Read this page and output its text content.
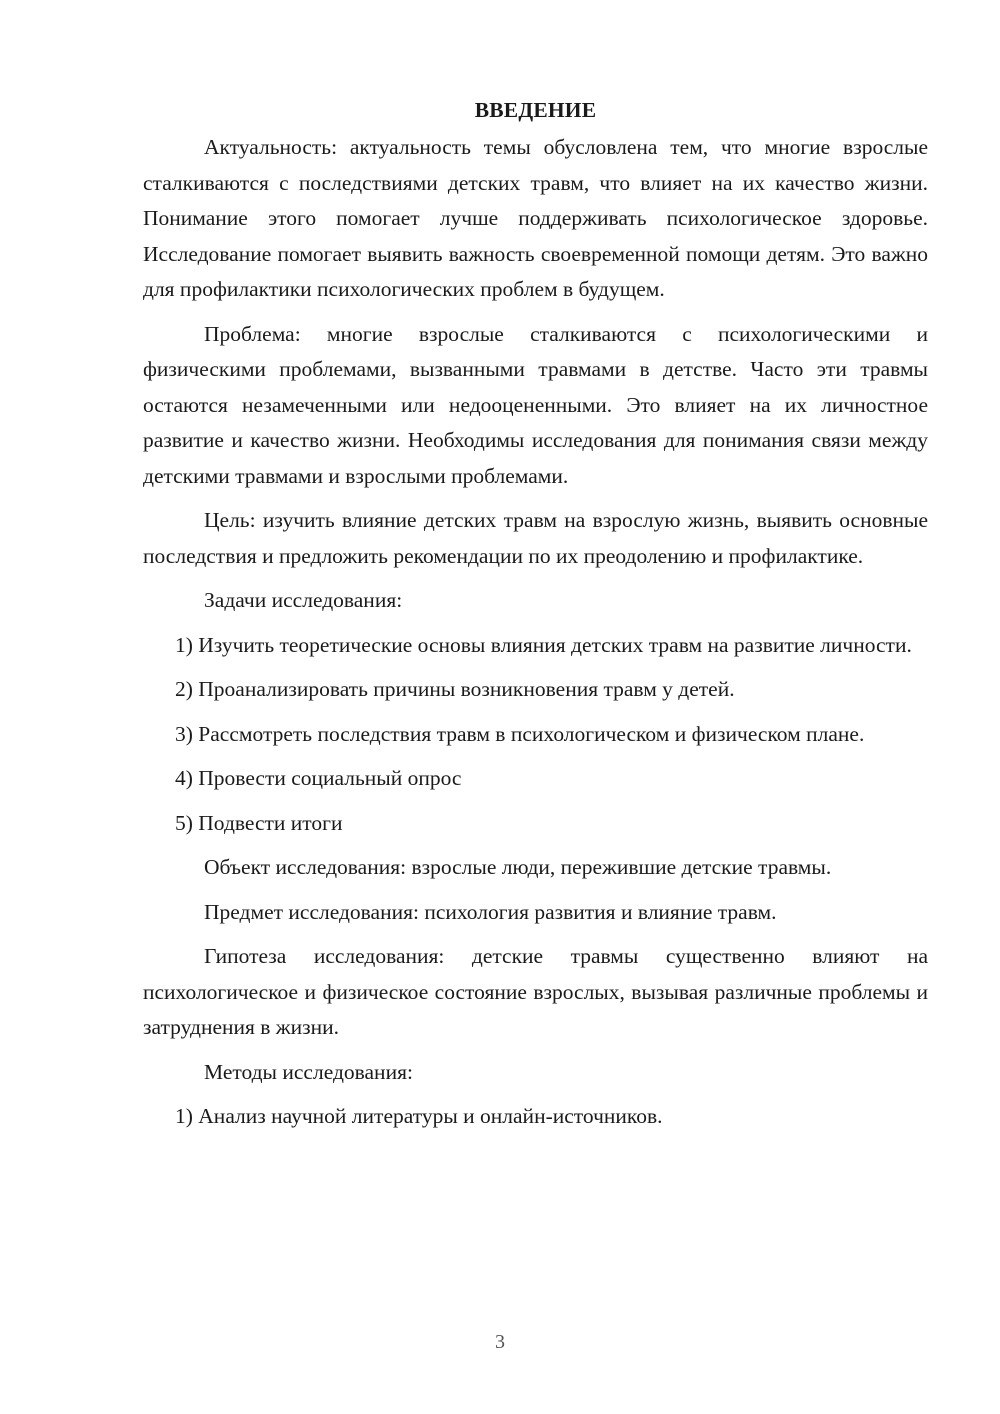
ВВЕДЕНИЕ

Актуальность: актуальность темы обусловлена тем, что многие взрослые сталкиваются с последствиями детских травм, что влияет на их качество жизни. Понимание этого помогает лучше поддерживать психологическое здоровье. Исследование помогает выявить важность своевременной помощи детям. Это важно для профилактики психологических проблем в будущем.

Проблема: многие взрослые сталкиваются с психологическими и физическими проблемами, вызванными травмами в детстве. Часто эти травмы остаются незамеченными или недооцененными. Это влияет на их личностное развитие и качество жизни. Необходимы исследования для понимания связи между детскими травмами и взрослыми проблемами.

Цель: изучить влияние детских травм на взрослую жизнь, выявить основные последствия и предложить рекомендации по их преодолению и профилактике.

Задачи исследования:

1) Изучить теоретические основы влияния детских травм на развитие личности.

2) Проанализировать причины возникновения травм у детей.

3) Рассмотреть последствия травм в психологическом и физическом плане.

4) Провести социальный опрос

5) Подвести итоги

Объект исследования: взрослые люди, пережившие детские травмы.

Предмет исследования: психология развития и влияние травм.

Гипотеза исследования: детские травмы существенно влияют на психологическое и физическое состояние взрослых, вызывая различные проблемы и затруднения в жизни.

Методы исследования:

1) Анализ научной литературы и онлайн-источников.

3
